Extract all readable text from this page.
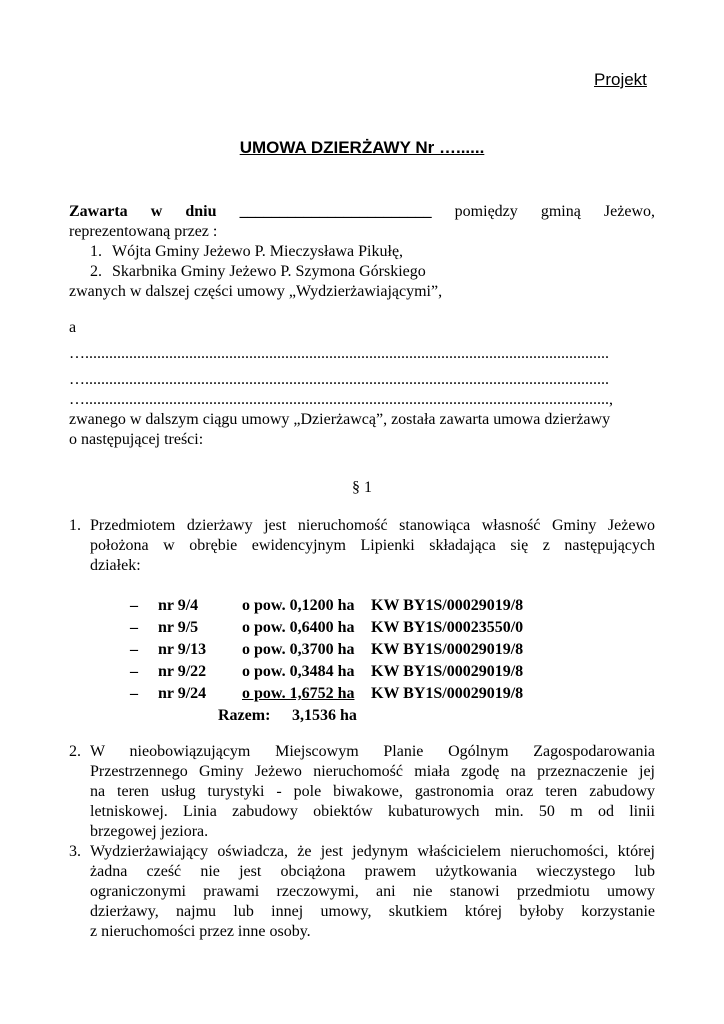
Projekt
UMOWA DZIERŻAWY Nr …......
Zawarta w dniu ________________________ pomiędzy gminą Jeżewo,
reprezentowaną przez :
1. Wójta Gminy Jeżewo P. Mieczysława Pikułę,
2. Skarbnika Gminy Jeżewo P. Szymona Górskiego
zwanych w dalszej części umowy „Wydzierżawiającymi”,
a
…...................................................................................................................................
…...................................................................................................................................
…...................................................................................................................................,
zwanego w dalszym ciągu umowy „Dzierżawcą”, została zawarta umowa dzierżawy
o następującej treści:
§ 1
1. Przedmiotem dzierżawy jest nieruchomość stanowiąca własność Gminy Jeżewo
położona w obrębie ewidencyjnym Lipienki składająca się z następujących
działek:
– nr 9/4	o pow. 0,1200 ha KW BY1S/00029019/8
– nr 9/5	o pow. 0,6400 ha KW BY1S/00023550/0
– nr 9/13 o pow. 0,3700 ha KW BY1S/00029019/8
– nr 9/22 o pow. 0,3484 ha KW BY1S/00029019/8
– nr 9/24 o pow. 1,6752 ha KW BY1S/00029019/8
Razem: 3,1536 ha
2. W nieobowiązującym Miejscowym Planie Ogólnym Zagospodarowania
Przestrzennego Gminy Jeżewo nieruchomość miała zgodę na przeznaczenie jej
na teren usług turystyki - pole biwakowe, gastronomia oraz teren zabudowy
letniskowej. Linia zabudowy obiektów kubaturowych min. 50 m od linii
brzegowej jeziora.
3. Wydzierżawiający oświadcza, że jest jedynym właścicielem nieruchomości, której
żadna cześć nie jest obciążona prawem użytkowania wieczystego lub
ograniczonymi prawami rzeczowymi, ani nie stanowi przedmiotu umowy
dzierżawy, najmu lub innej umowy, skutkiem której byłoby korzystanie
z nieruchomości przez inne osoby.
